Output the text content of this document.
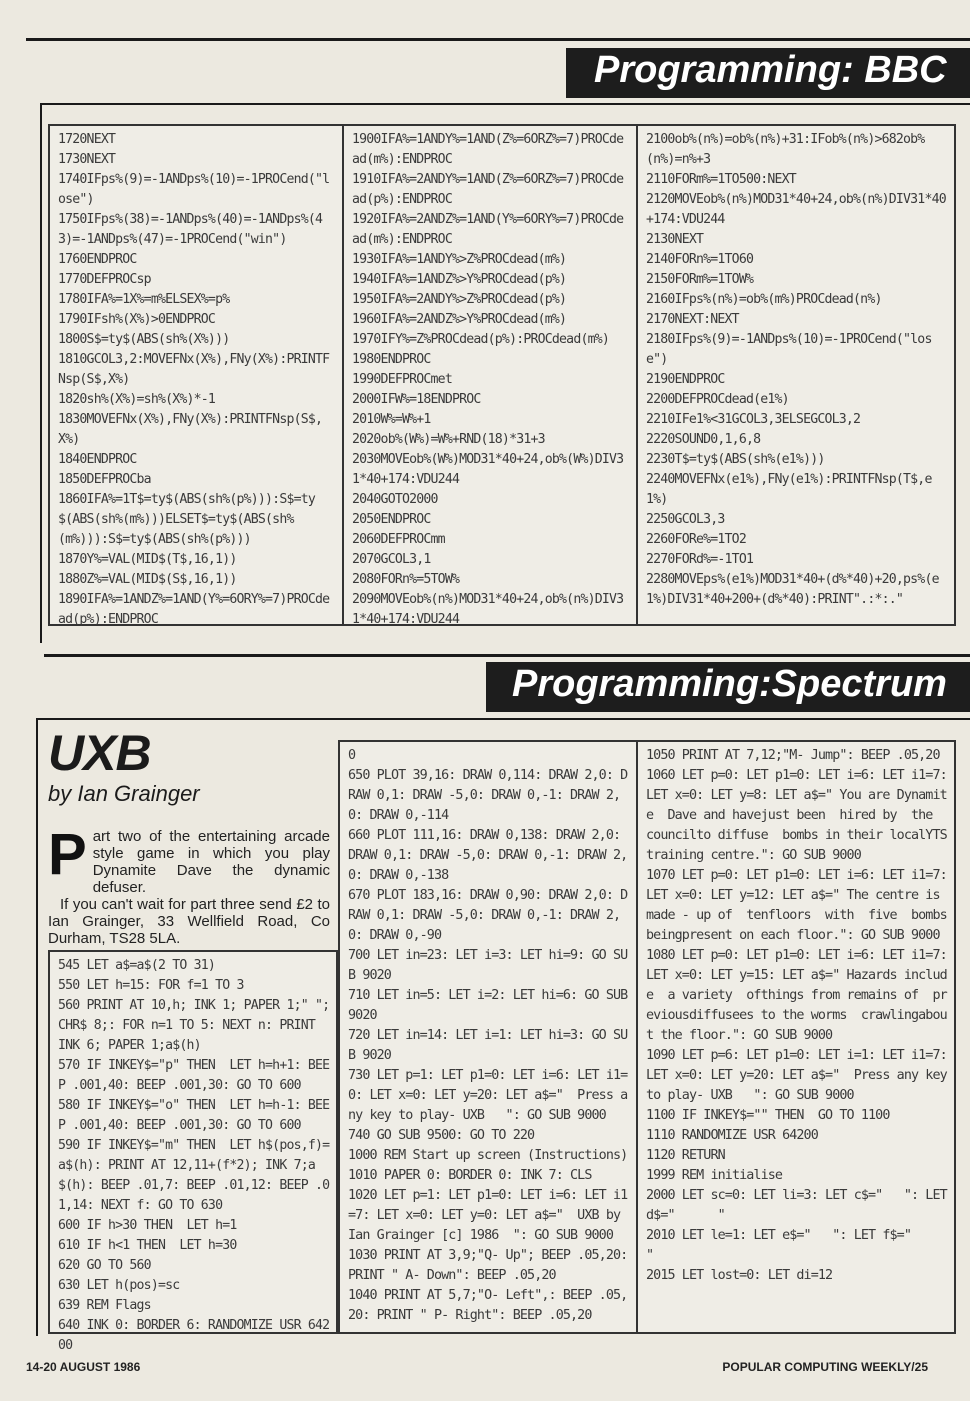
Programming: BBC
1720NEXT
1730NEXT
1740IFps%(9)=-1ANDps%(10)=-1PROCend("lose")
1750IFps%(38)=-1ANDps%(40)=-1ANDps%(43)=-1ANDps%(47)=-1PROCend("win")
1760ENDPROC
1770DEFPROCsp
1780IFA%=1X%=m%ELSEX%=p%
1790IFsh%(X%)>0ENDPROC
1800S$=ty$(ABS(sh%(X%)))
1810GCOL3,2:MOVEFNx(X%),FNy(X%):PRINTFNsp(S$,X%)
1820sh%(X%)=sh%(X%)*-1
1830MOVEFNx(X%),FNy(X%):PRINTFNsp(S$,X%)
1840ENDPROC
1850DEFPROCba
1860IFA%=1T$=ty$(ABS(sh%(p%))):S$=ty$(ABS(sh%(m%)))ELSET$=ty$(ABS(sh%(m%))):S$=ty$(ABS(sh%(p%)))
1870Y%=VAL(MID$(T$,16,1))
1880Z%=VAL(MID$(S$,16,1))
1890IFA%=1ANDZ%=1AND(Y%=6ORY%=7)PROCdead(p%):ENDPROC
1900IFA%=1ANDY%=1AND(Z%=6ORZ%=7)PROCdead(m%):ENDPROC
1910IFA%=2ANDY%=1AND(Z%=6ORZ%=7)PROCdead(p%):ENDPROC
1920IFA%=2ANDZ%=1AND(Y%=6ORY%=7)PROCdead(m%):ENDPROC
1930IFA%=1ANDY%>Z%PROCdead(m%)
1940IFA%=1ANDZ%>Y%PROCdead(p%)
1950IFA%=2ANDY%>Z%PROCdead(p%)
1960IFA%=2ANDZ%>Y%PROCdead(m%)
1970IFY%=Z%PROCdead(p%):PROCdead(m%)
1980ENDPROC
1990DEFPROCmet
2000IFW%=18ENDPROC
2010W%=W%+1
2020ob%(W%)=W%+RND(18)*31+3
2030MOVEob%(W%)MOD31*40+24,ob%(W%)DIV31*40+174:VDU244
2040GOTO2000
2050ENDPROC
2060DEFPROCmm
2070GCOL3,1
2080FORn%=5TOW%
2090MOVEob%(n%)MOD31*40+24,ob%(n%)DIV31*40+174:VDU244
2100ob%(n%)=ob%(n%)+31:IFob%(n%)>682ob%(n%)=n%+3
2110FORm%=1TO500:NEXT
2120MOVEob%(n%)MOD31*40+24,ob%(n%)DIV31*40+174:VDU244
2130NEXT
2140FORn%=1TO60
2150FORm%=1TOW%
2160IFps%(n%)=ob%(m%)PROCdead(n%)
2170NEXT:NEXT
2180IFps%(9)=-1ANDps%(10)=-1PROCend("lose")
2190ENDPROC
2200DEFPROCdead(e1%)
2210IFe1%<31GCOL3,3ELSEGCOL3,2
2220SOUND0,1,6,8
2230T$=ty$(ABS(sh%(e1%)))
2240MOVEFNx(e1%),FNy(e1%):PRINTFNsp(T$,e1%)
2250GCOL3,3
2260FORe%=1TO2
2270FORd%=-1TO1
2280MOVEps%(e1%)MOD31*40+(d%*40)+20,ps%(e1%)DIV31*40+200+(d%*40):PRINT".:*:."
Programming:Spectrum
UXB
by Ian Grainger

Part two of the entertaining arcade style game in which you play Dynamite Dave the dynamic defuser.

If you can't wait for part three send £2 to Ian Grainger, 33 Wellfield Road, Co Durham, TS28 5LA.

545 LET a$=a$(2 TO 31)
550 LET h=15: FOR f=1 TO 3
560 PRINT AT 10,h; INK 1; PAPER 1;" ";CHR$ 8;: FOR n=1 TO 5: NEXT n: PRINT  INK 6; PAPER 1;a$(h)
570 IF INKEY$="p" THEN  LET h=h+1: BEEP .001,40: BEEP .001,30: GO TO 600
580 IF INKEY$="o" THEN  LET h=h-1: BEEP .001,40: BEEP .001,30: GO TO 600
590 IF INKEY$="m" THEN  LET h$(pos,f)=a$(h): PRINT AT 12,11+(f*2); INK 7;a$(h): BEEP .01,7: BEEP .01,12: BEEP .01,14: NEXT f: GO TO 630
600 IF h>30 THEN  LET h=1
610 IF h<1 THEN  LET h=30
620 GO TO 560
630 LET h(pos)=sc
639 REM Flags
640 INK 0: BORDER 6: RANDOMIZE USR 64200
0
650 PLOT 39,16: DRAW 0,114: DRAW 2,0: DRAW 0,1: DRAW -5,0: DRAW 0,-1: DRAW 2,0: DRAW 0,-114
660 PLOT 111,16: DRAW 0,138: DRAW 2,0: DRAW 0,1: DRAW -5,0: DRAW 0,-1: DRAW 2,0: DRAW 0,-138
670 PLOT 183,16: DRAW 0,90: DRAW 2,0: DRAW 0,1: DRAW -5,0: DRAW 0,-1: DRAW 2,0: DRAW 0,-90
700 LET in=23: LET i=3: LET hi=9: GO SUB 9020
710 LET in=5: LET i=2: LET hi=6: GO SUB 9020
720 LET in=14: LET i=1: LET hi=3: GO SUB 9020
730 LET p=1: LET p1=0: LET i=6: LET i1=0: LET x=0: LET y=20: LET a$="  Press any key to play- UXB   ": GO SUB 9000
740 GO SUB 9500: GO TO 220
1000 REM Start up screen (Instructions)
1010 PAPER 0: BORDER 0: INK 7: CLS
1020 LET p=1: LET p1=0: LET i=6: LET i1=7: LET x=0: LET y=0: LET a$="  UXB by Ian Grainger [c] 1986  ": GO SUB 9000
1030 PRINT AT 3,9;"Q- Up"; BEEP .05,20: PRINT " A- Down": BEEP .05,20
1040 PRINT AT 5,7;"O- Left",: BEEP .05,20: PRINT " P- Right": BEEP .05,20
1050 PRINT AT 7,12;"M- Jump": BEEP .05,20
1060 LET p=0: LET p1=0: LET i=6: LET i1=7: LET x=0: LET y=8: LET a$=" You are Dynamite  Dave and havejust been  hired by  the  councilto diffuse  bombs in their localYTS training centre.": GO SUB 9000
1070 LET p=0: LET p1=0: LET i=6: LET i1=7: LET x=0: LET y=12: LET a$=" The centre is made - up of  tenfloors  with  five  bombs  beingpresent on each floor.": GO SUB 9000
1080 LET p=0: LET p1=0: LET i=6: LET i1=7: LET x=0: LET y=15: LET a$=" Hazards include  a variety  ofthings from remains of  previousdiffusees to the worms  crawlingabout the floor.": GO SUB 9000
1090 LET p=6: LET p1=0: LET i=1: LET i1=7: LET x=0: LET y=20: LET a$="  Press any key to play- UXB   ": GO SUB 9000
1100 IF INKEY$="" THEN  GO TO 1100
1110 RANDOMIZE USR 64200
1120 RETURN
1999 REM initialise
2000 LET sc=0: LET li=3: LET c$="   ": LET d$="      "
2010 LET le=1: LET e$="   ": LET f$="      "
2015 LET lost=0: LET di=12
14-20 AUGUST 1986	POPULAR COMPUTING WEEKLY/25
